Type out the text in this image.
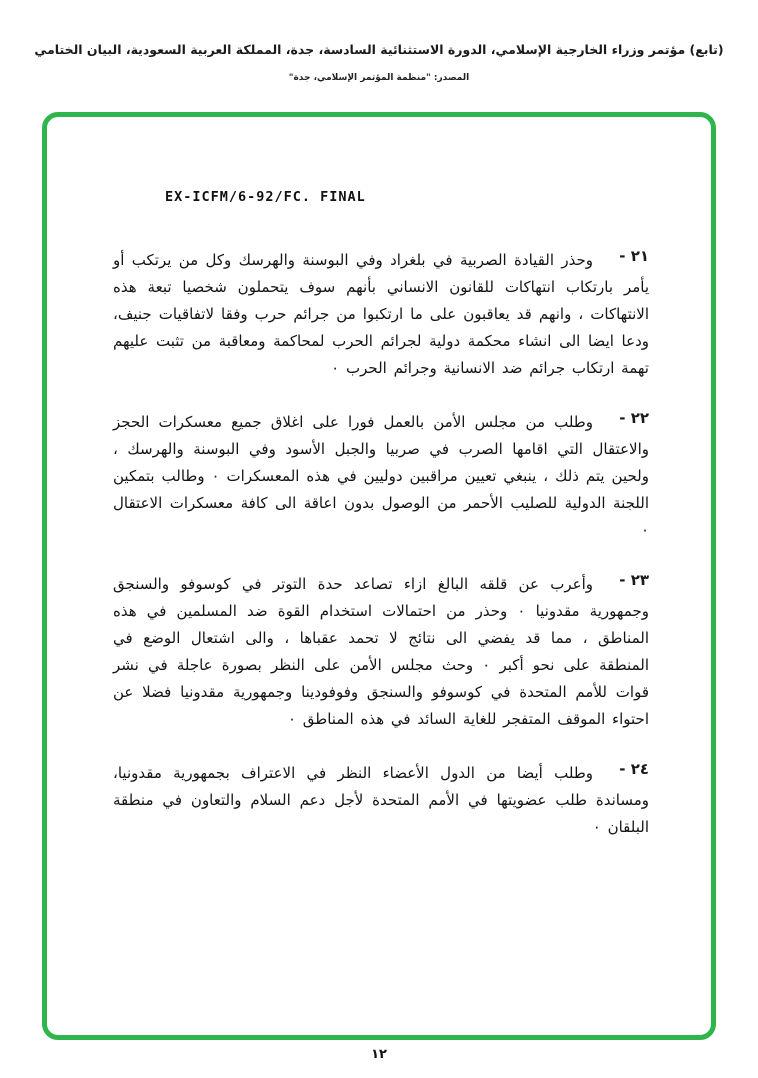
(تابع) مؤتمر وزراء الخارجية الإسلامي، الدورة الاستثنائية السادسة، جدة، المملكة العربية السعودية، البيان الختامي
المصدر: "منظمة المؤتمر الإسلامي، جدة"
EX-ICFM/6-92/FC. FINAL
٢١ -
وحذر القيادة الصربية في بلغراد وفي البوسنة والهرسك وكل من يرتكب أو يأمر بارتكاب انتهاكات للقانون الانساني بأنهم سوف يتحملون شخصيا تبعة هذه الانتهاكات ، وانهم قد يعاقبون على ما ارتكبوا من جرائم حرب وفقا لاتفاقيات جنيف، ودعا ايضا الى انشاء محكمة دولية لجرائم الحرب لمحاكمة ومعاقبة من تثبت عليهم تهمة ارتكاب جرائم ضد الانسانية وجرائم الحرب ٠
٢٢ -
وطلب من مجلس الأمن بالعمل فورا على اغلاق جميع معسكرات الحجز والاعتقال التي اقامها الصرب في صربيا والجبل الأسود وفي البوسنة والهرسك ، ولحين يتم ذلك ، ينبغي تعيين مراقبين دوليين في هذه المعسكرات ٠ وطالب بتمكين اللجنة الدولية للصليب الأحمر من الوصول بدون اعاقة الى كافة معسكرات الاعتقال ٠
٢٣ -
وأعرب عن قلقه البالغ ازاء تصاعد حدة التوتر في كوسوفو والسنجق وجمهورية مقدونيا ٠ وحذر من احتمالات استخدام القوة ضد المسلمين في هذه المناطق ، مما قد يفضي الى نتائج لا تحمد عقباها ، والى اشتعال الوضع في المنطقة على نحو أكبر ٠ وحث مجلس الأمن على النظر بصورة عاجلة في نشر قوات للأمم المتحدة في كوسوفو والسنجق وفوفودينا وجمهورية مقدونيا فضلا عن احتواء الموقف المتفجر للغاية السائد في هذه المناطق ٠
٢٤ -
وطلب أيضا من الدول الأعضاء النظر في الاعتراف بجمهورية مقدونيا، ومساندة طلب عضويتها في الأمم المتحدة لأجل دعم السلام والتعاون في منطقة البلقان ٠
١٢
